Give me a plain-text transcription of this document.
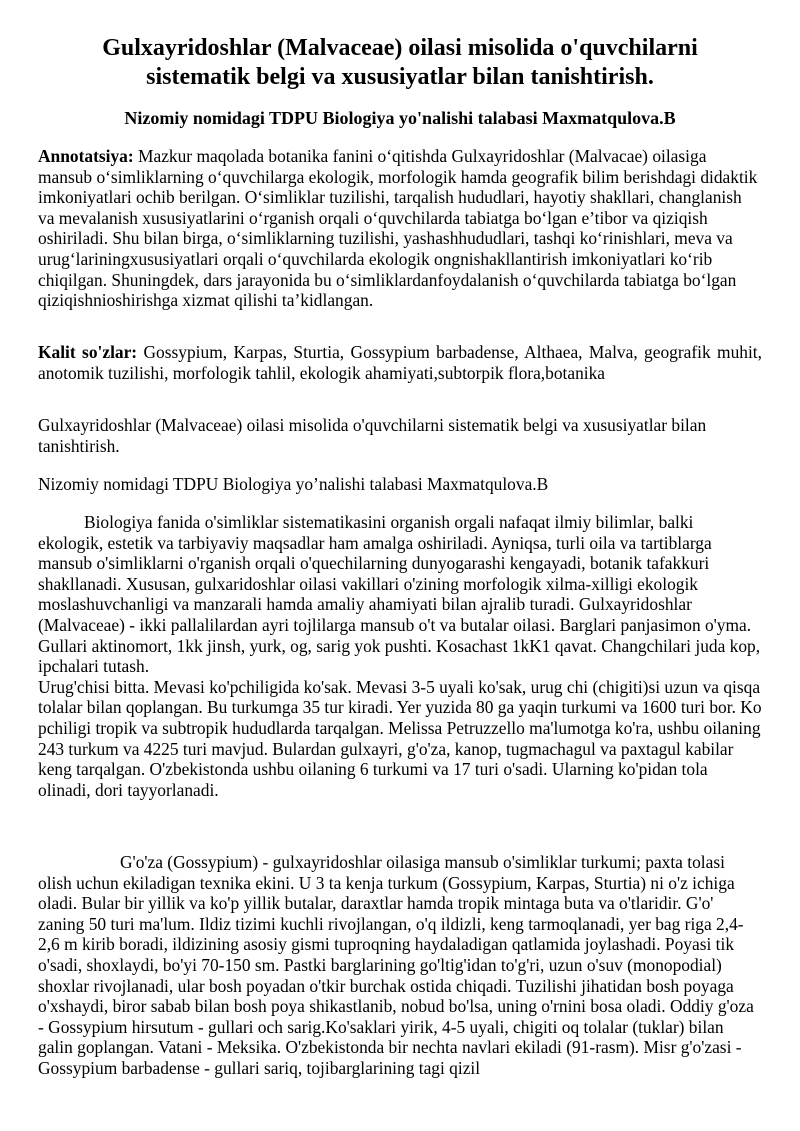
Gulxayridoshlar (Malvaceae) oilasi misolida o'quvchilarni
sistematik belgi va xususiyatlar bilan tanishtirish.
Nizomiy nomidagi TDPU Biologiya yo'nalishi talabasi Maxmatqulova.B
Annotatsiya: Mazkur maqolada botanika fanini o‘qitishda Gulxayridoshlar (Malvacae) oilasiga mansub o‘simliklarning o‘quvchilarga ekologik, morfologik hamda geografik bilim berishdagi didaktik imkoniyatlari ochib berilgan. O‘simliklar tuzilishi, tarqalish hududlari, hayotiy shakllari, changlanish va mevalanish xususiyatlarini o‘rganish orqali o‘quvchilarda tabiatga bo‘lgan e’tibor va qiziqish oshiriladi. Shu bilan birga, o‘simliklarning tuzilishi, yashashhududlari, tashqi ko‘rinishlari, meva va urug‘lariningxususiyatlari orqali o‘quvchilarda ekologik ongnishakllantirish imkoniyatlari ko‘rib chiqilgan. Shuningdek, dars jarayonida bu o‘simliklardanfoydalanish o‘quvchilarda tabiatga bo‘lgan qiziqishnioshirishga xizmat qilishi ta’kidlangan.
Kalit so'zlar: Gossypium, Karpas, Sturtia, Gossypium barbadense, Althaea, Malva, geografik muhit, anotomik tuzilishi, morfologik tahlil, ekologik ahamiyati,subtorpik flora,botanika
Gulxayridoshlar (Malvaceae) oilasi misolida o'quvchilarni sistematik belgi va xususiyatlar bilan tanishtirish.
Nizomiy nomidagi TDPU Biologiya yo’nalishi talabasi Maxmatqulova.B
Biologiya fanida o'simliklar sistematikasini organish orgali nafaqat ilmiy bilimlar, balki ekologik, estetik va tarbiyaviy maqsadlar ham amalga oshiriladi. Ayniqsa, turli oila va tartiblarga mansub o'simliklarni o'rganish orqali o'quechilarning dunyogarashi kengayadi, botanik tafakkuri shakllanadi. Xususan, gulxaridoshlar oilasi vakillari o'zining morfologik xilma-xilligi ekologik moslashuvchanligi va manzarali hamda amaliy ahamiyati bilan ajralib turadi. Gulxayridoshlar (Malvaceae) - ikki pallalilardan ayri tojlilarga mansub o't va butalar oilasi. Barglari panjasimon o'yma. Gullari aktinomort, 1kk jinsh, yurk, og, sarig yok pushti. Kosachast 1kK1 qavat. Changchilari juda kop, ipchalari tutash.
Urug'chisi bitta. Mevasi ko'pchiligida ko'sak. Mevasi 3-5 uyali ko'sak, urug chi (chigiti)si uzun va qisqa tolalar bilan qoplangan. Bu turkumga 35 tur kiradi. Yer yuzida 80 ga yaqin turkumi va 1600 turi bor. Ko pchiligi tropik va subtropik hududlarda tarqalgan. Melissa Petruzzello ma'lumotga ko'ra, ushbu oilaning 243 turkum va 4225 turi mavjud. Bulardan gulxayri, g'o'za, kanop, tugmachagul va paxtagul kabilar keng tarqalgan. O'zbekistonda ushbu oilaning 6 turkumi va 17 turi o'sadi. Ularning ko'pidan tola olinadi, dori tayyorlanadi.
G'o'za (Gossypium) - gulxayridoshlar oilasiga mansub o'simliklar turkumi; paxta tolasi olish uchun ekiladigan texnika ekini. U 3 ta kenja turkum (Gossypium, Karpas, Sturtia) ni o'z ichiga oladi. Bular bir yillik va ko'p yillik butalar, daraxtlar hamda tropik mintaga buta va o'tlaridir. G'o' zaning 50 turi ma'lum. Ildiz tizimi kuchli rivojlangan, o'q ildizli, keng tarmoqlanadi, yer bag riga 2,4-2,6 m kirib boradi, ildizining asosiy gismi tuproqning haydaladigan qatlamida joylashadi. Poyasi tik o'sadi, shoxlaydi, bo'yi 70-150 sm. Pastki barglarining go'ltig'idan to'g'ri, uzun o'suv (monopodial) shoxlar rivojlanadi, ular bosh poyadan o'tkir burchak ostida chiqadi. Tuzilishi jihatidan bosh poyaga o'xshaydi, biror sabab bilan bosh poya shikastlanib, nobud bo'lsa, uning o'rnini bosa oladi. Oddiy g'oza - Gossypium hirsutum - gullari och sarig.Ko'saklari yirik, 4-5 uyali, chigiti oq tolalar (tuklar) bilan galin goplangan. Vatani - Meksika. O'zbekistonda bir nechta navlari ekiladi (91-rasm). Misr g'o'zasi - Gossypium barbadense - gullari sariq, tojibarglarining tagi qizil
